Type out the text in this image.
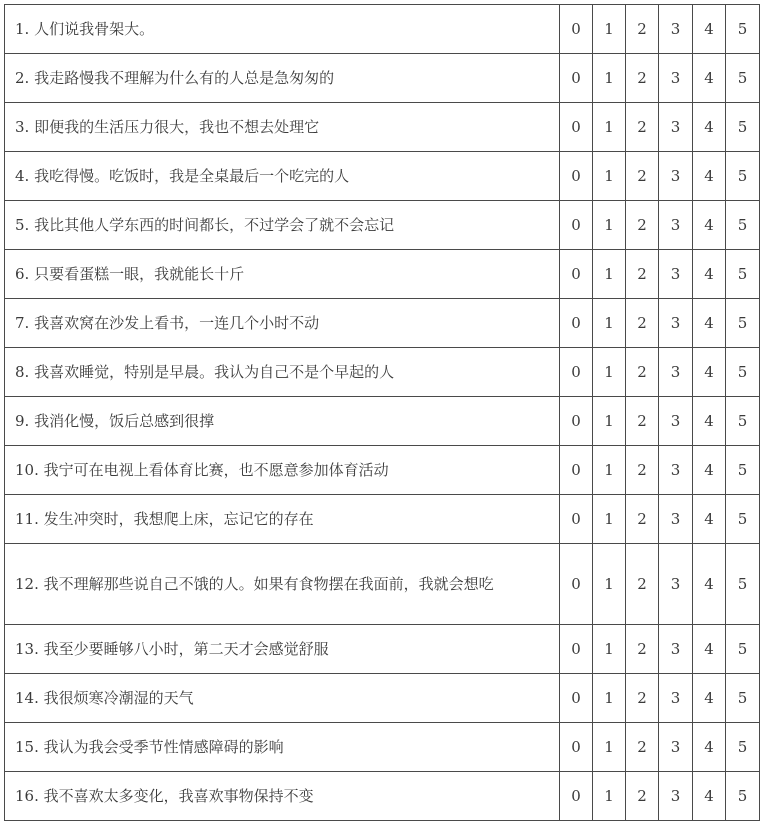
1. 人们说我骨架大。	0	1	2	3	4	5
2. 我走路慢我不理解为什么有的人总是急匆匆的	0	1	2	3	4	5
3. 即便我的生活压力很大，我也不想去处理它	0	1	2	3	4	5
4. 我吃得慢。吃饭时，我是全桌最后一个吃完的人	0	1	2	3	4	5
5. 我比其他人学东西的时间都长，不过学会了就不会忘记	0	1	2	3	4	5
6. 只要看蛋糕一眼，我就能长十斤	0	1	2	3	4	5
7. 我喜欢窝在沙发上看书，一连几个小时不动	0	1	2	3	4	5
8. 我喜欢睡觉，特别是早晨。我认为自己不是个早起的人	0	1	2	3	4	5
9. 我消化慢，饭后总感到很撑	0	1	2	3	4	5
10. 我宁可在电视上看体育比赛，也不愿意参加体育活动	0	1	2	3	4	5
11. 发生冲突时，我想爬上床，忘记它的存在	0	1	2	3	4	5
12. 我不理解那些说自己不饿的人。如果有食物摆在我面前，我就会想吃	0	1	2	3	4	5
13. 我至少要睡够八小时，第二天才会感觉舒服	0	1	2	3	4	5
14. 我很烦寒冷潮湿的天气	0	1	2	3	4	5
15. 我认为我会受季节性情感障碍的影响	0	1	2	3	4	5
16. 我不喜欢太多变化，我喜欢事物保持不变	0	1	2	3	4	5
